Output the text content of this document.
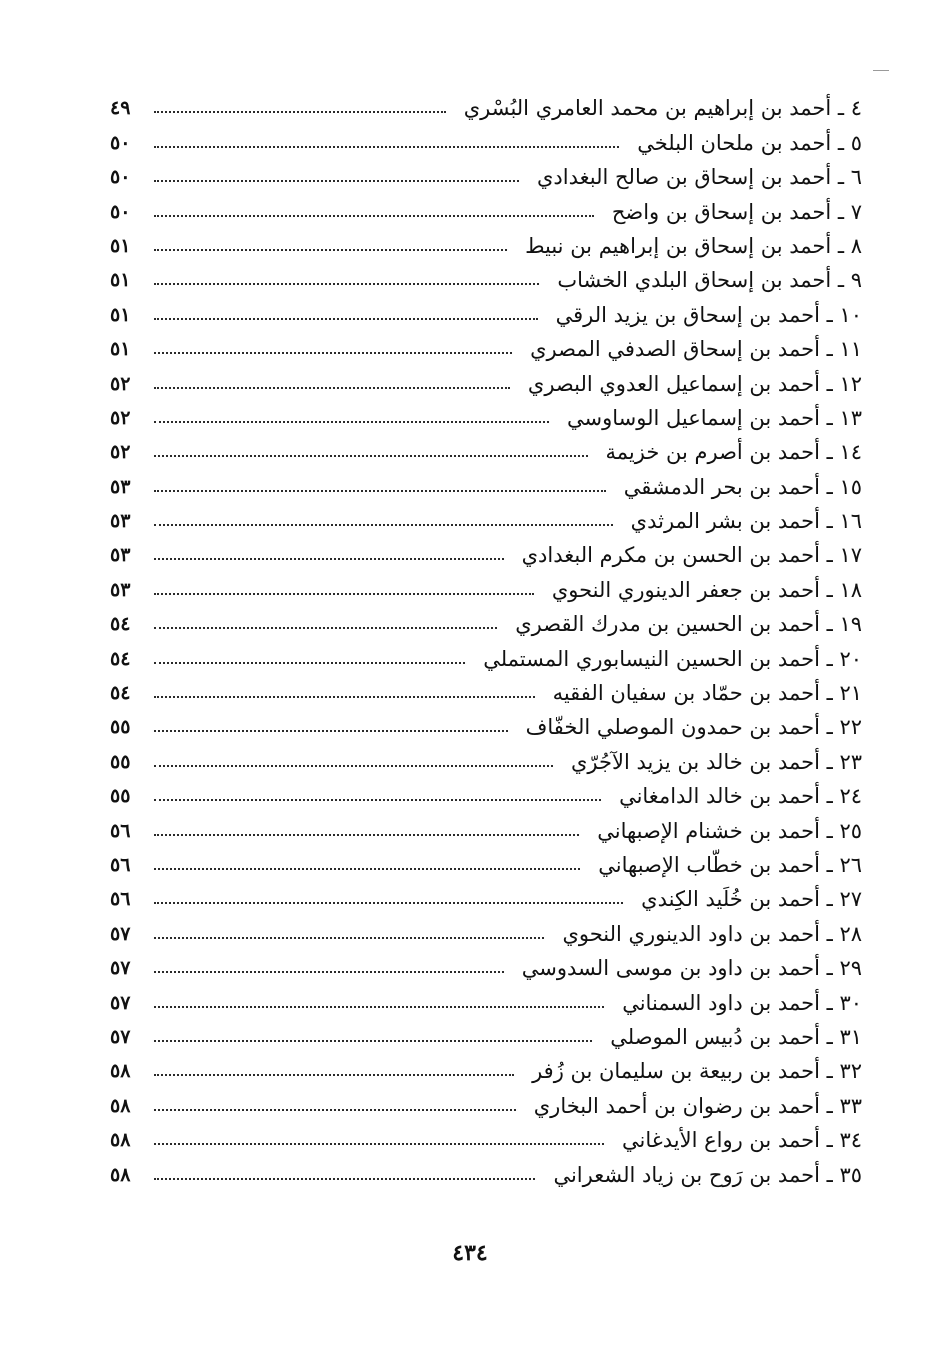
٤ ـ أحمد بن إبراهيم بن محمد العامري البُسْري
٤٩
٥ ـ أحمد بن ملحان البلخي
٥٠
٦ ـ أحمد بن إسحاق بن صالح البغدادي
٥٠
٧ ـ أحمد بن إسحاق بن واضح
٥٠
٨ ـ أحمد بن إسحاق بن إبراهيم بن نبيط
٥١
٩ ـ أحمد بن إسحاق البلدي الخشاب
٥١
١٠ ـ أحمد بن إسحاق بن يزيد الرقي
٥١
١١ ـ أحمد بن إسحاق الصدفي المصري
٥١
١٢ ـ أحمد بن إسماعيل العدوي البصري
٥٢
١٣ ـ أحمد بن إسماعيل الوساوسي
٥٢
١٤ ـ أحمد بن أصرم بن خزيمة
٥٢
١٥ ـ أحمد بن بحر الدمشقي
٥٣
١٦ ـ أحمد بن بشر المرثدي
٥٣
١٧ ـ أحمد بن الحسن بن مكرم البغدادي
٥٣
١٨ ـ أحمد بن جعفر الدينوري النحوي
٥٣
١٩ ـ أحمد بن الحسين بن مدرك القصري
٥٤
٢٠ ـ أحمد بن الحسين النيسابوري المستملي
٥٤
٢١ ـ أحمد بن حمّاد بن سفيان الفقيه
٥٤
٢٢ ـ أحمد بن حمدون الموصلي الخفّاف
٥٥
٢٣ ـ أحمد بن خالد بن يزيد الآجُرّي
٥٥
٢٤ ـ أحمد بن خالد الدامغاني
٥٥
٢٥ ـ أحمد بن خشنام الإصبهاني
٥٦
٢٦ ـ أحمد بن خطّاب الإصبهاني
٥٦
٢٧ ـ أحمد بن خُلَيد الكِندي
٥٦
٢٨ ـ أحمد بن داود الدينوري النحوي
٥٧
٢٩ ـ أحمد بن داود بن موسى السدوسي
٥٧
٣٠ ـ أحمد بن داود السمناني
٥٧
٣١ ـ أحمد بن دُبيس الموصلي
٥٧
٣٢ ـ أحمد بن ربيعة بن سليمان بن زُفر
٥٨
٣٣ ـ أحمد بن رضوان بن أحمد البخاري
٥٨
٣٤ ـ أحمد بن رواع الأيدغاني
٥٨
٣٥ ـ أحمد بن رَوح بن زياد الشعراني
٥٨
٤٣٤
